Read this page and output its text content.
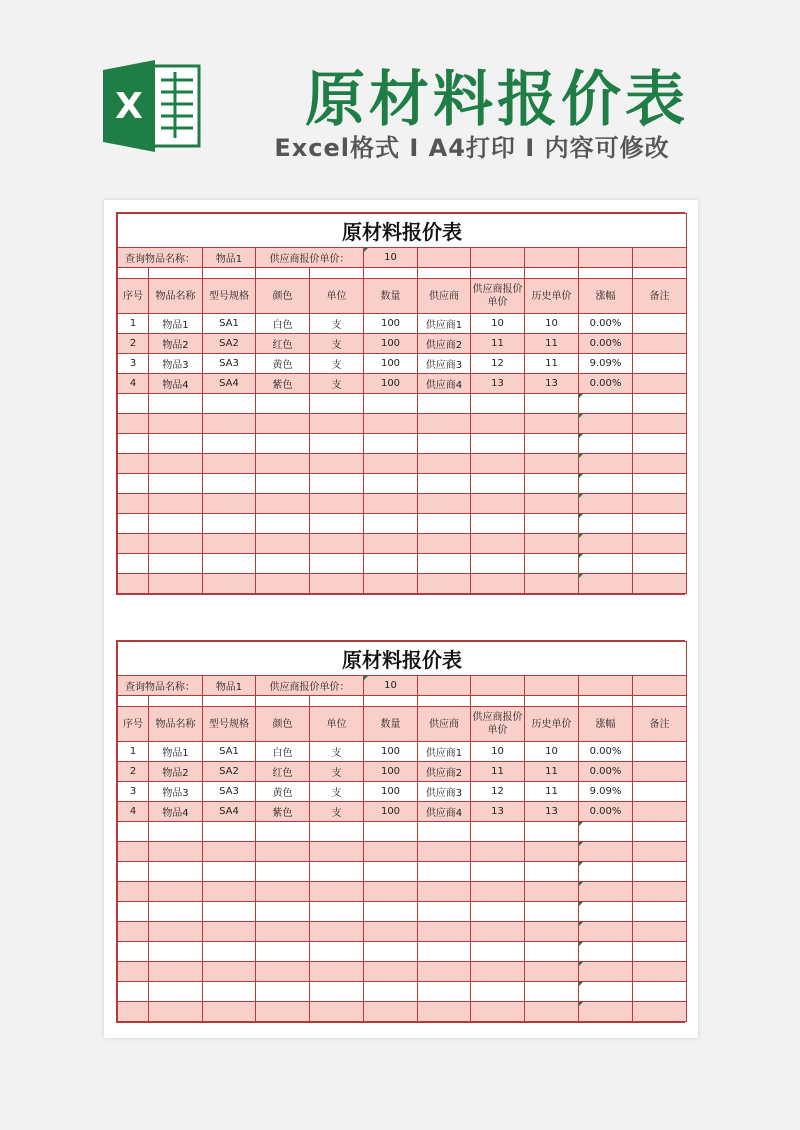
X	原材料报价表
Excel格式 I A4打印 I 内容可修改
原材料报价表										
查询物品名称：		物品1	供应商报价单价：		10					

序号	物品名称	型号规格	颜色	单位	数量	供应商	供应商报价单价	历史单价	涨幅	备注
1	物品1	SA1	白色	支	100	供应商1	10	10	0.00%	
2	物品2	SA2	红色	支	100	供应商2	11	11	0.00%	
3	物品3	SA3	黄色	支	100	供应商3	12	11	9.09%	
4	物品4	SA4	紫色	支	100	供应商4	13	13	0.00%	

原材料报价表										
查询物品名称：		物品1	供应商报价单价：		10					

序号	物品名称	型号规格	颜色	单位	数量	供应商	供应商报价单价	历史单价	涨幅	备注
1	物品1	SA1	白色	支	100	供应商1	10	10	0.00%	
2	物品2	SA2	红色	支	100	供应商2	11	11	0.00%	
3	物品3	SA3	黄色	支	100	供应商3	12	11	9.09%	
4	物品4	SA4	紫色	支	100	供应商4	13	13	0.00%	
